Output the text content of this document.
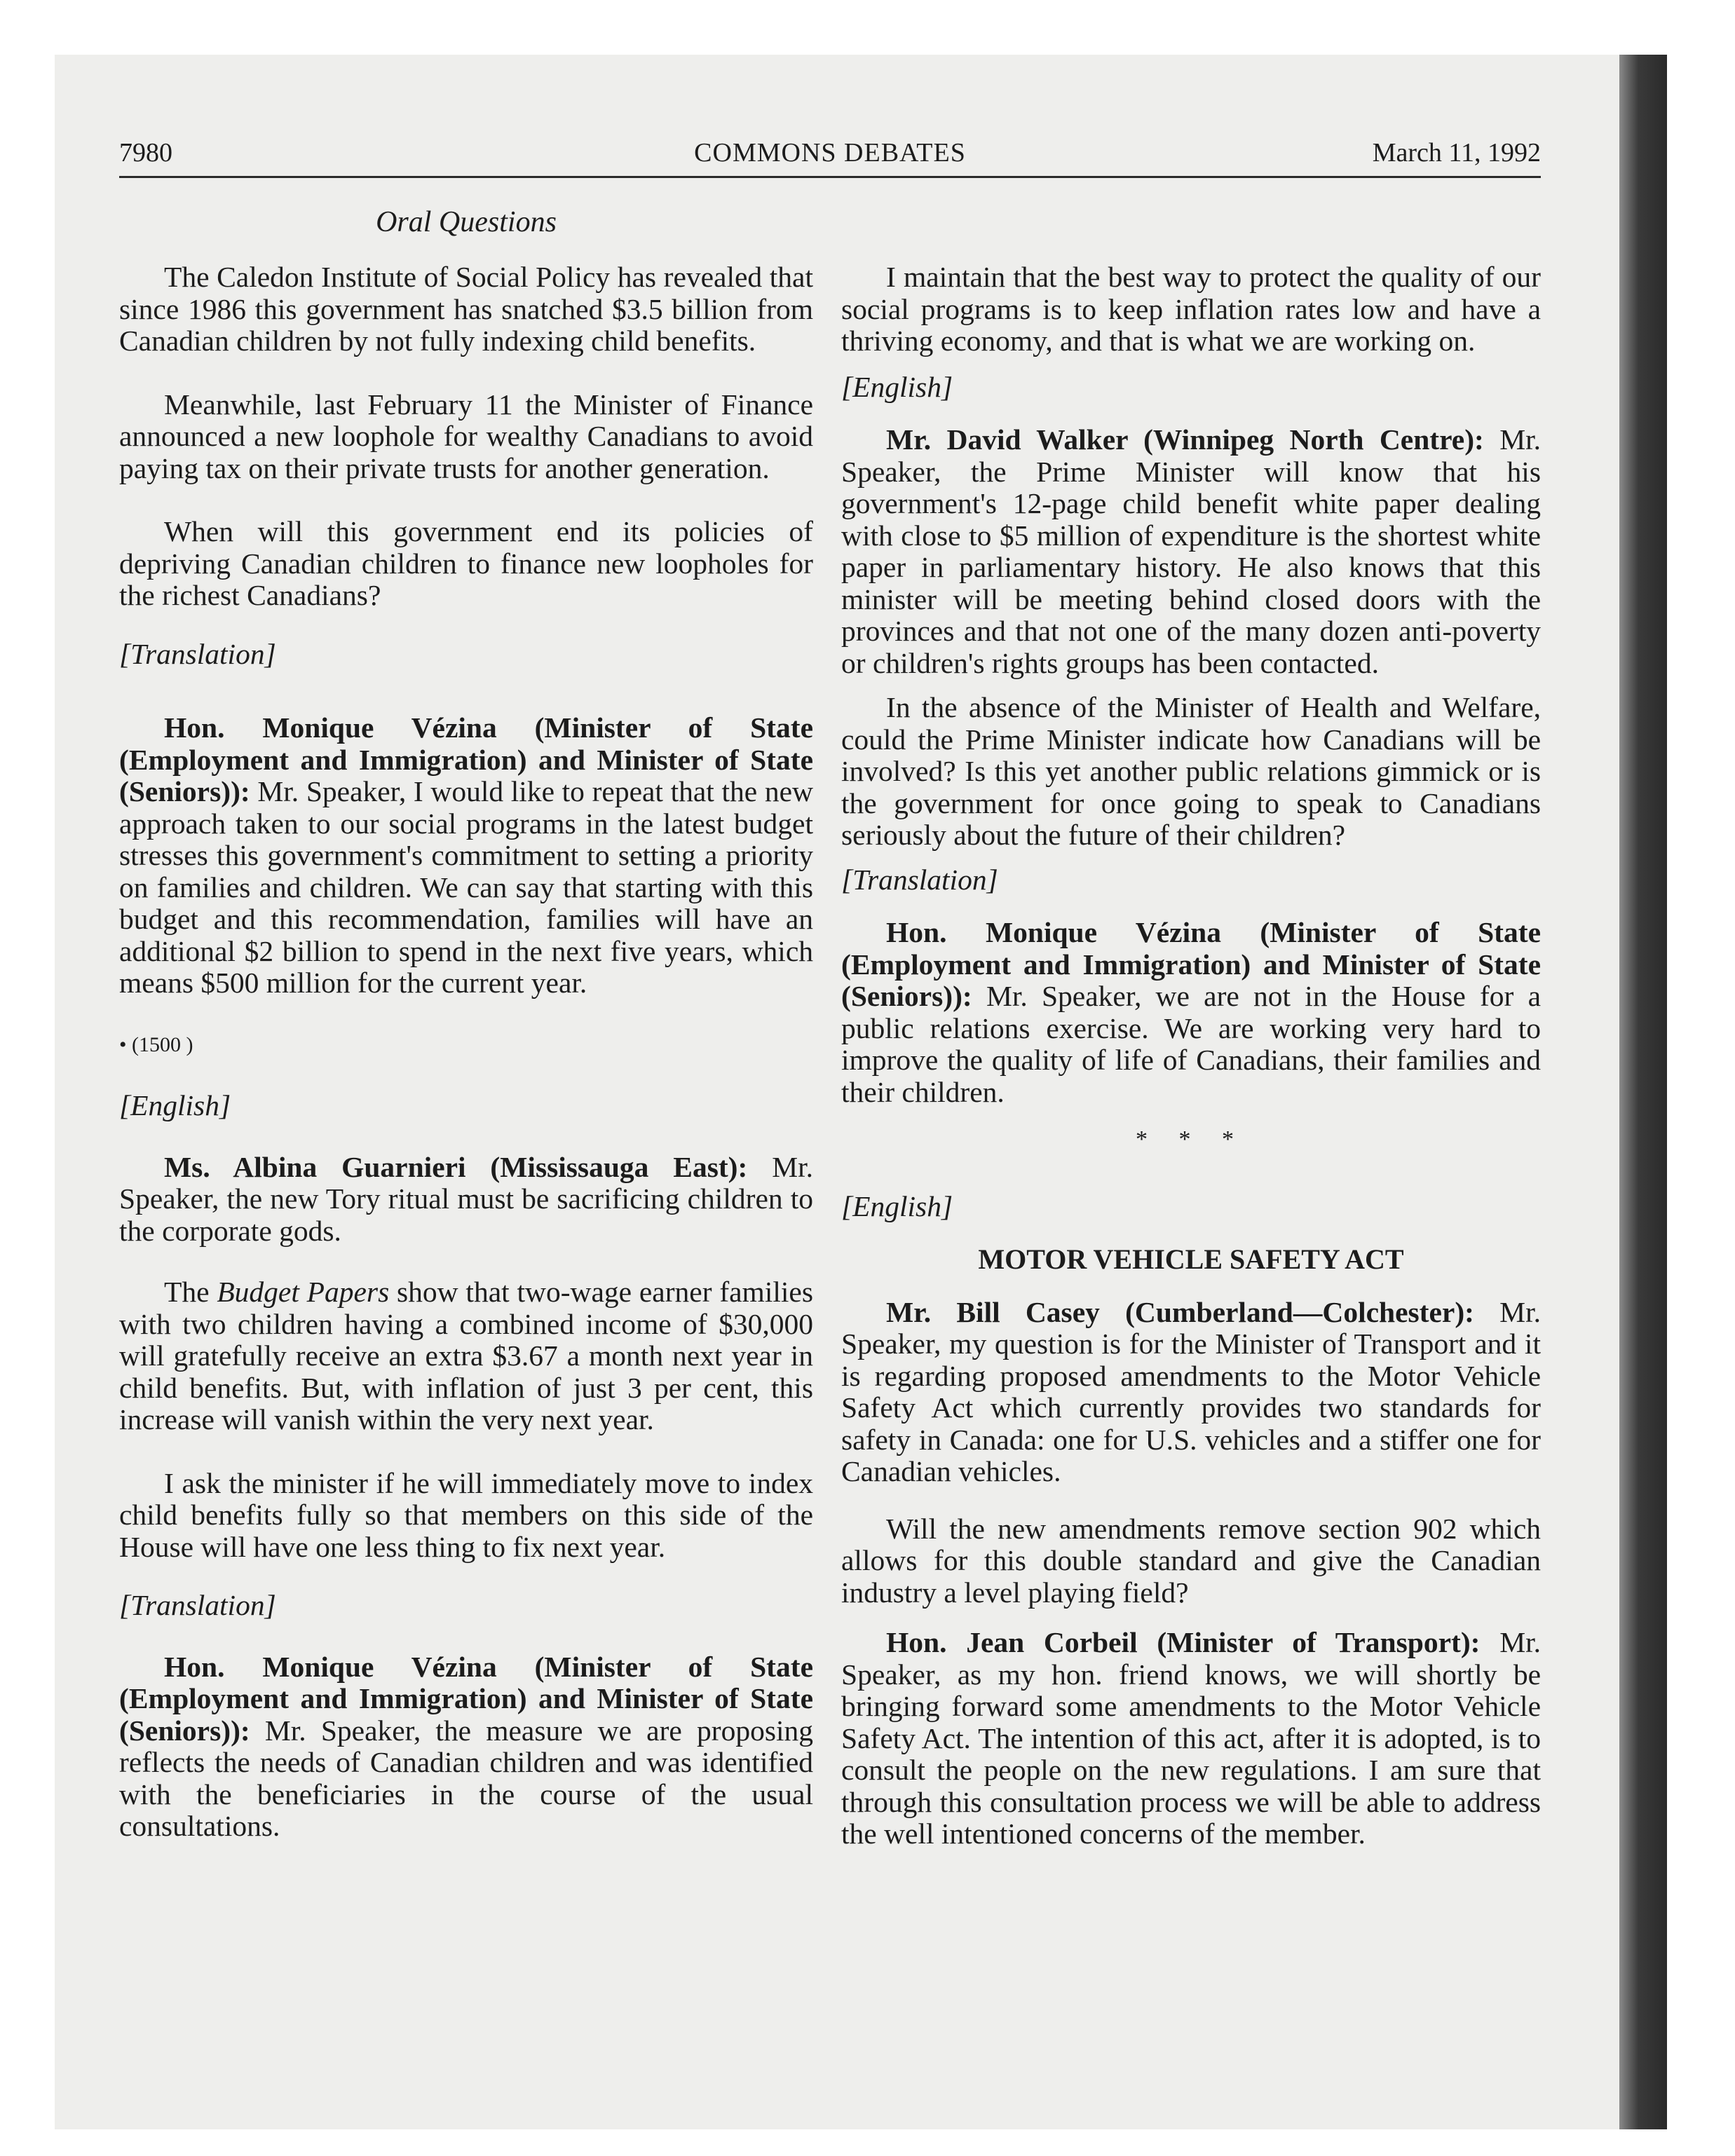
7980	COMMONS DEBATES	March 11, 1992
Oral Questions

The Caledon Institute of Social Policy has revealed that since 1986 this government has snatched $3.5 billion from Canadian children by not fully indexing child benefits.

Meanwhile, last February 11 the Minister of Finance announced a new loophole for wealthy Canadians to avoid paying tax on their private trusts for another generation.

When will this government end its policies of depriving Canadian children to finance new loopholes for the richest Canadians?

[Translation]

Hon. Monique Vézina (Minister of State (Employment and Immigration) and Minister of State (Seniors)): Mr. Speaker, I would like to repeat that the new approach taken to our social programs in the latest budget stresses this government's commitment to setting a priority on families and children. We can say that starting with this budget and this recommendation, families will have an additional $2 billion to spend in the next five years, which means $500 million for the current year.

• (1500 )

[English]

Ms. Albina Guarnieri (Mississauga East): Mr. Speaker, the new Tory ritual must be sacrificing children to the corporate gods.

The Budget Papers show that two-wage earner families with two children having a combined income of $30,000 will gratefully receive an extra $3.67 a month next year in child benefits. But, with inflation of just 3 per cent, this increase will vanish within the very next year.

I ask the minister if he will immediately move to index child benefits fully so that members on this side of the House will have one less thing to fix next year.

[Translation]

Hon. Monique Vézina (Minister of State (Employment and Immigration) and Minister of State (Seniors)): Mr. Speaker, the measure we are proposing reflects the needs of Canadian children and was identified with the beneficiaries in the course of the usual consultations.

I maintain that the best way to protect the quality of our social programs is to keep inflation rates low and have a thriving economy, and that is what we are working on.

[English]

Mr. David Walker (Winnipeg North Centre): Mr. Speaker, the Prime Minister will know that his government's 12-page child benefit white paper dealing with close to $5 million of expenditure is the shortest white paper in parliamentary history. He also knows that this minister will be meeting behind closed doors with the provinces and that not one of the many dozen anti-poverty or children's rights groups has been contacted.

In the absence of the Minister of Health and Welfare, could the Prime Minister indicate how Canadians will be involved? Is this yet another public relations gimmick or is the government for once going to speak to Canadians seriously about the future of their children?

[Translation]

Hon. Monique Vézina (Minister of State (Employment and Immigration) and Minister of State (Seniors)): Mr. Speaker, we are not in the House for a public relations exercise. We are working very hard to improve the quality of life of Canadians, their families and their children.

* * *

[English]

MOTOR VEHICLE SAFETY ACT

Mr. Bill Casey (Cumberland—Colchester): Mr. Speaker, my question is for the Minister of Transport and it is regarding proposed amendments to the Motor Vehicle Safety Act which currently provides two standards for safety in Canada: one for U.S. vehicles and a stiffer one for Canadian vehicles.

Will the new amendments remove section 902 which allows for this double standard and give the Canadian industry a level playing field?

Hon. Jean Corbeil (Minister of Transport): Mr. Speaker, as my hon. friend knows, we will shortly be bringing forward some amendments to the Motor Vehicle Safety Act. The intention of this act, after it is adopted, is to consult the people on the new regulations. I am sure that through this consultation process we will be able to address the well intentioned concerns of the member.
